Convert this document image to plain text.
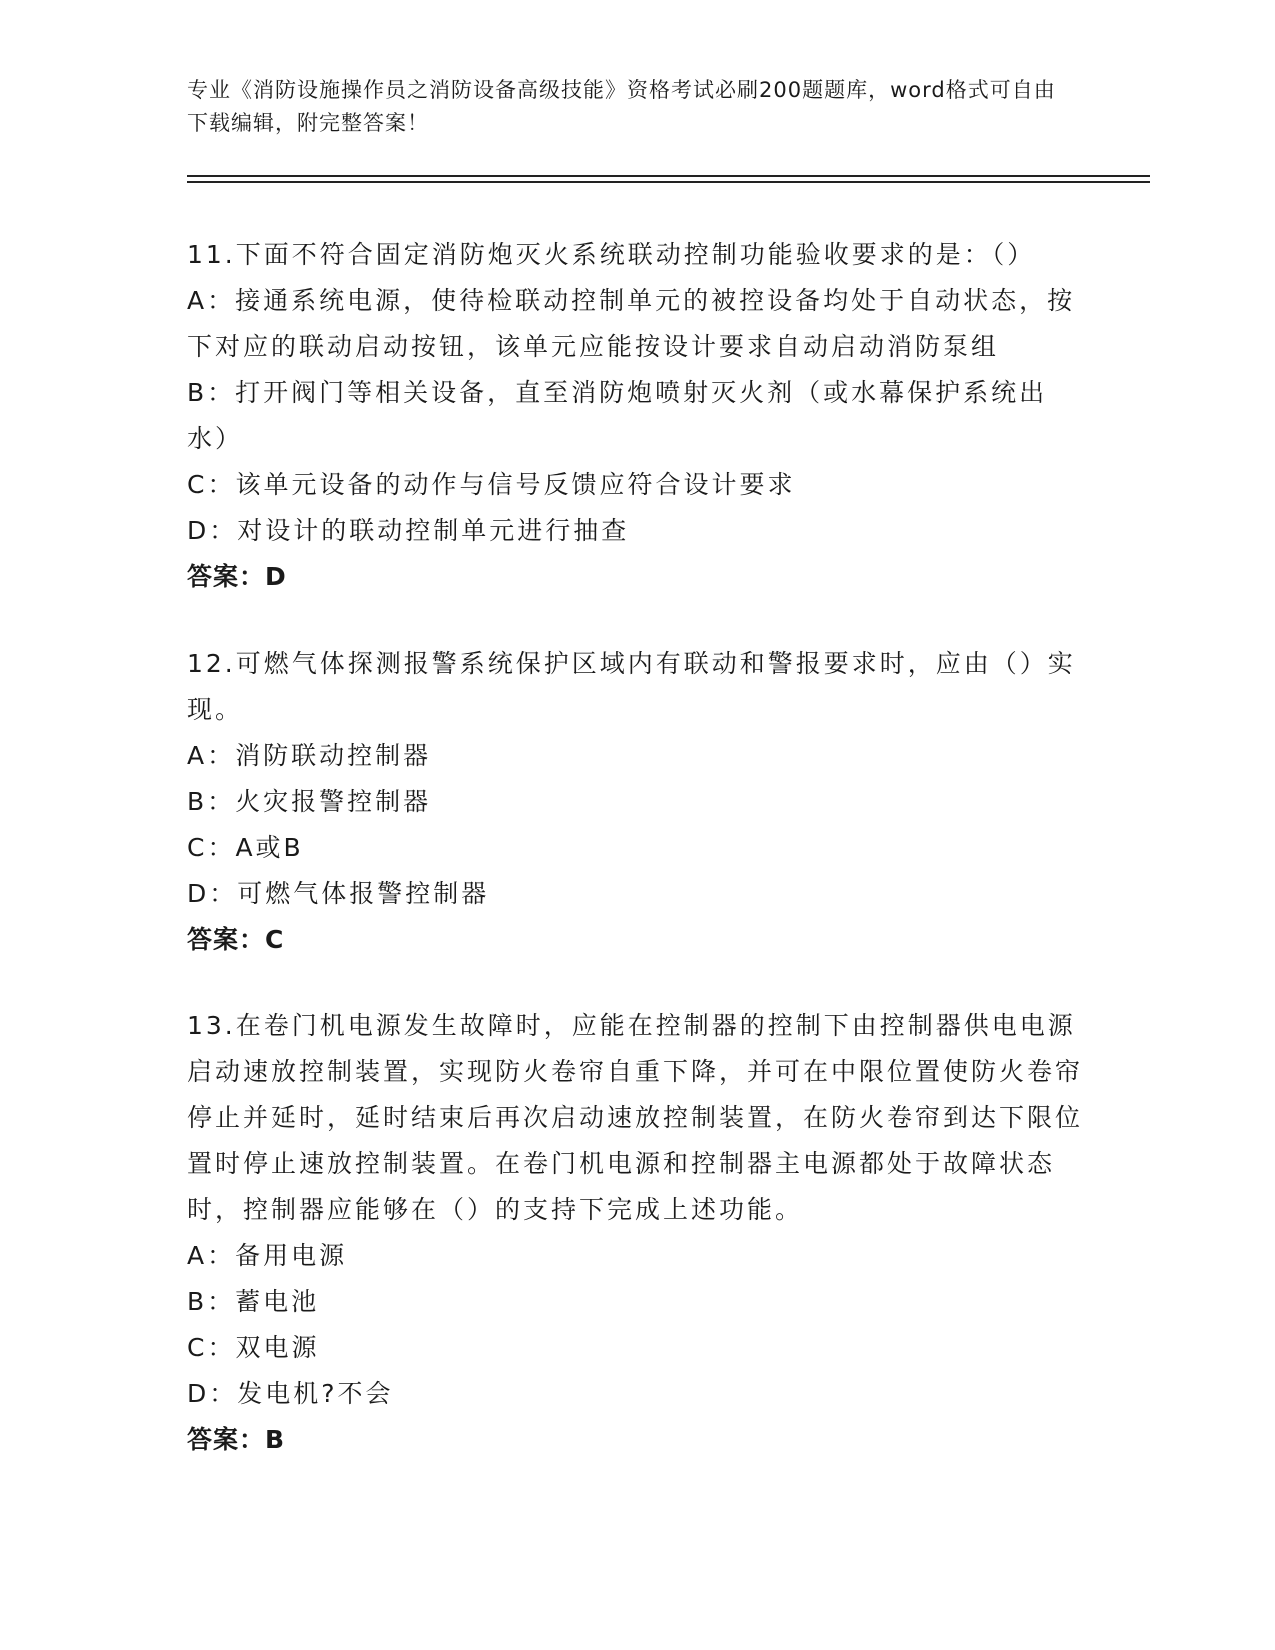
专业《消防设施操作员之消防设备高级技能》资格考试必刷200题题库，word格式可自由下载编辑，附完整答案！

11.下面不符合固定消防炮灭火系统联动控制功能验收要求的是：（）

A：接通系统电源，使待检联动控制单元的被控设备均处于自动状态，按下对应的联动启动按钮，该单元应能按设计要求自动启动消防泵组

B：打开阀门等相关设备，直至消防炮喷射灭火剂（或水幕保护系统出水）

C：该单元设备的动作与信号反馈应符合设计要求

D：对设计的联动控制单元进行抽查

答案：D

12.可燃气体探测报警系统保护区域内有联动和警报要求时，应由（）实现。

A：消防联动控制器

B：火灾报警控制器

C：A或B

D：可燃气体报警控制器

答案：C

13.在卷门机电源发生故障时，应能在控制器的控制下由控制器供电电源启动速放控制装置，实现防火卷帘自重下降，并可在中限位置使防火卷帘停止并延时，延时结束后再次启动速放控制装置，在防火卷帘到达下限位置时停止速放控制装置。在卷门机电源和控制器主电源都处于故障状态时，控制器应能够在（）的支持下完成上述功能。

A：备用电源

B：蓄电池

C：双电源

D：发电机?不会

答案：B
